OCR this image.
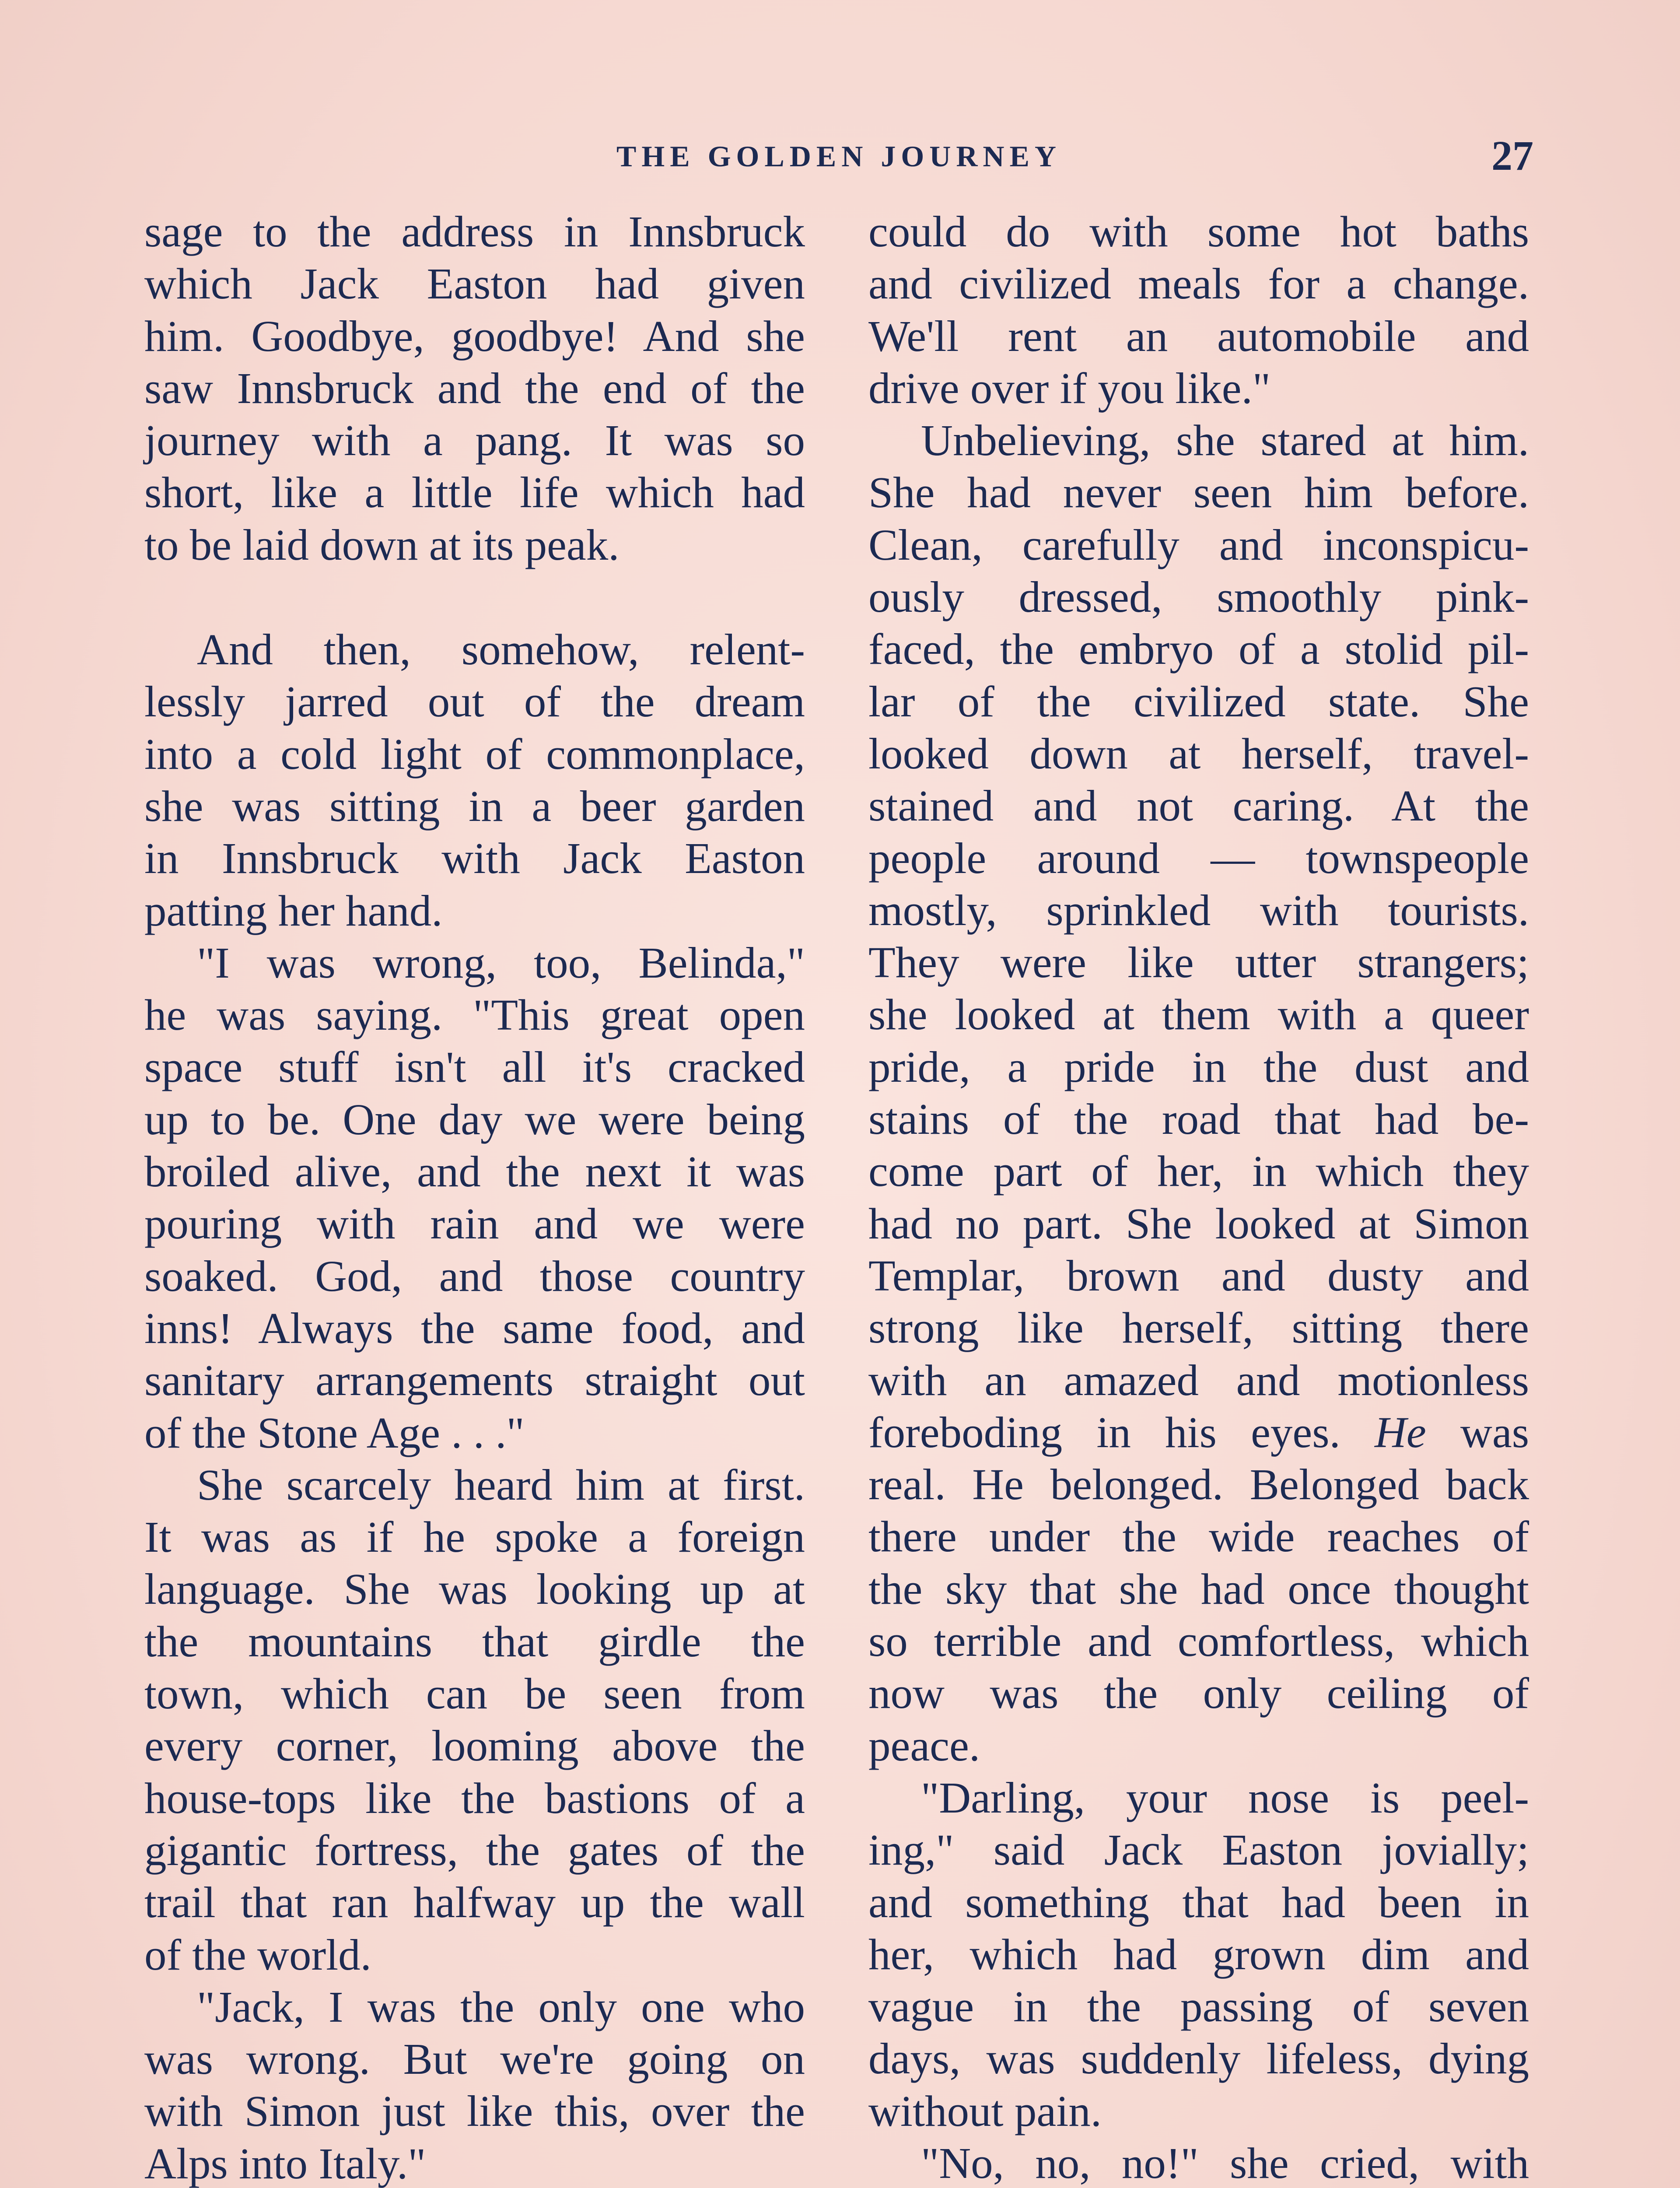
THE GOLDEN JOURNEY	27
sage to the address in Innsbruck
which Jack Easton had given
him. Goodbye, goodbye! And she
saw Innsbruck and the end of the
journey with a pang. It was so
short, like a little life which had
to be laid down at its peak.
And then, somehow, relent-
lessly jarred out of the dream
into a cold light of commonplace,
she was sitting in a beer garden
in Innsbruck with Jack Easton
patting her hand.
"I was wrong, too, Belinda,"
he was saying. "This great open
space stuff isn't all it's cracked
up to be. One day we were being
broiled alive, and the next it was
pouring with rain and we were
soaked. God, and those country
inns! Always the same food, and
sanitary arrangements straight out
of the Stone Age . . ."
She scarcely heard him at first.
It was as if he spoke a foreign
language. She was looking up at
the mountains that girdle the
town, which can be seen from
every corner, looming above the
house-tops like the bastions of a
gigantic fortress, the gates of the
trail that ran halfway up the wall
of the world.
"Jack, I was the only one who
was wrong. But we're going on
with Simon just like this, over the
Alps into Italy."
could do with some hot baths
and civilized meals for a change.
We'll rent an automobile and
drive over if you like."
Unbelieving, she stared at him.
She had never seen him before.
Clean, carefully and inconspicu-
ously dressed, smoothly pink-
faced, the embryo of a stolid pil-
lar of the civilized state. She
looked down at herself, travel-
stained and not caring. At the
people around — townspeople
mostly, sprinkled with tourists.
They were like utter strangers;
she looked at them with a queer
pride, a pride in the dust and
stains of the road that had be-
come part of her, in which they
had no part. She looked at Simon
Templar, brown and dusty and
strong like herself, sitting there
with an amazed and motionless
foreboding in his eyes. He was
real. He belonged. Belonged back
there under the wide reaches of
the sky that she had once thought
so terrible and comfortless, which
now was the only ceiling of
peace.
"Darling, your nose is peel-
ing," said Jack Easton jovially;
and something that had been in
her, which had grown dim and
vague in the passing of seven
days, was suddenly lifeless, dying
without pain.
"No, no, no!" she cried, with
